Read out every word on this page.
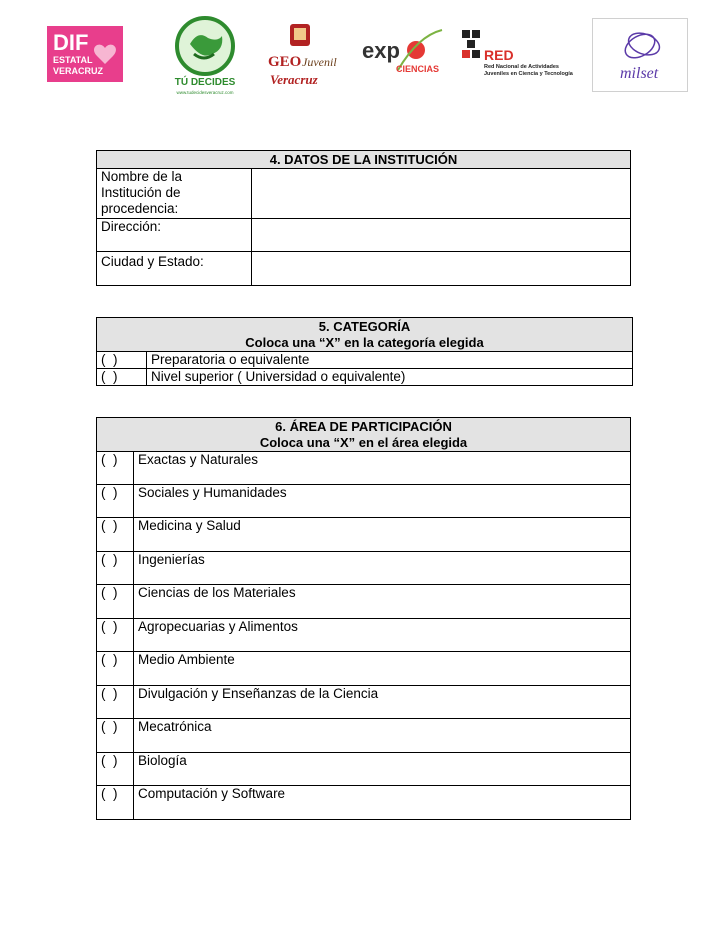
DIF
ESTATAL
VERACRUZ
TÚ DECIDES
www.tudecidesveracruz.com
GEO Juvenil
Veracruz
exp
CIENCIAS
RED
Red Nacional de Actividades
Juveniles en Ciencia y Tecnología	milset
4. DATOS DE LA INSTITUCIÓN	
Nombre de la
Institución de
procedencia:	
Dirección:	
Ciudad y Estado:	
5. CATEGORÍA
Coloca una “X” en la categoría elegida	

(  )	Preparatoria o equivalente
(  )	Nivel superior ( Universidad o equivalente)
6. ÁREA DE PARTICIPACIÓN
Coloca una “X” en el área elegida	

(  )	Exactas y Naturales
(  )	Sociales y Humanidades
(  )	Medicina y Salud
(  )	Ingenierías
(  )	Ciencias de los Materiales
(  )	Agropecuarias y Alimentos
(  )	Medio Ambiente
(  )	Divulgación y Enseñanzas de la Ciencia
(  )	Mecatrónica
(  )	Biología
(  )	Computación y Software
